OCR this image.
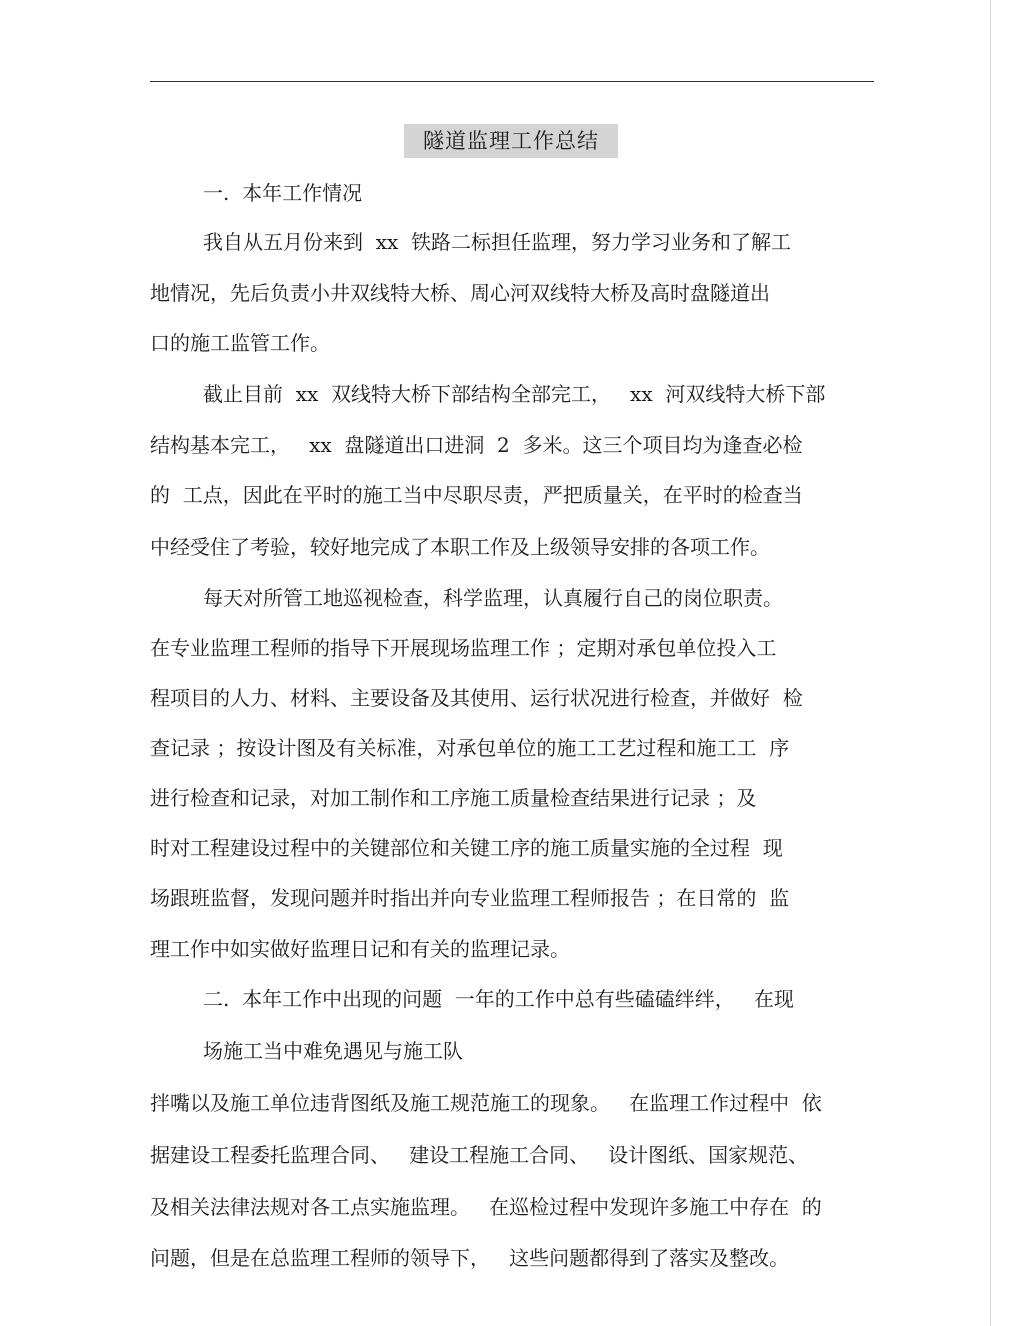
隧道监理工作总结
一.  本年工作情况
我自从五月份来到  xx  铁路二标担任监理，努力学习业务和了解工
地情况，先后负责小井双线特大桥、周心河双线特大桥及高时盘隧道出
口的施工监管工作。
截止目前  xx  双线特大桥下部结构全部完工，   xx  河双线特大桥下部
结构基本完工，   xx  盘隧道出口进洞  2  多米。这三个项目均为逢查必检
的  工点，因此在平时的施工当中尽职尽责，严把质量关，在平时的检查当
中经受住了考验，较好地完成了本职工作及上级领导安排的各项工作。
每天对所管工地巡视检查，科学监理，认真履行自己的岗位职责。
在专业监理工程师的指导下开展现场监理工作 ；定期对承包单位投入工
程项目的人力、材料、主要设备及其使用、运行状况进行检查，并做好  检
查记录 ；按设计图及有关标准，对承包单位的施工工艺过程和施工工  序
进行检查和记录，对加工制作和工序施工质量检查结果进行记录 ；及
时对工程建设过程中的关键部位和关键工序的施工质量实施的全过程  现
场跟班监督，发现问题并时指出并向专业监理工程师报告 ；在日常的  监
理工作中如实做好监理日记和有关的监理记录。
二.  本年工作中出现的问题  一年的工作中总有些磕磕绊绊，   在现
场施工当中难免遇见与施工队
拌嘴以及施工单位违背图纸及施工规范施工的现象。   在监理工作过程中  依
据建设工程委托监理合同、   建设工程施工合同、   设计图纸、国家规范、
及相关法律法规对各工点实施监理。   在巡检过程中发现许多施工中存在  的
问题，但是在总监理工程师的领导下，   这些问题都得到了落实及整改。
